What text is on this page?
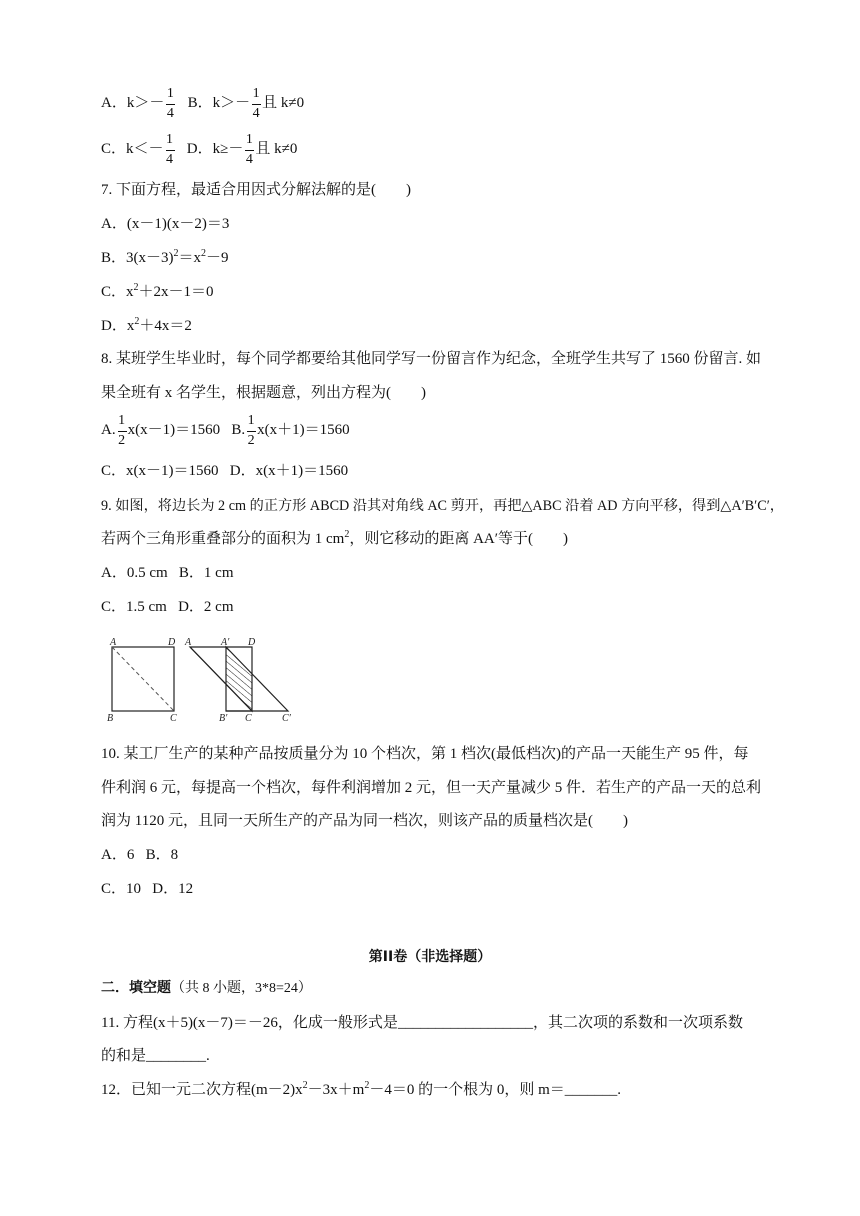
A．$k>- \frac{1}{4}$ B．$k>- \frac{1}{4}$ 且 k≠0
C．$k<- \frac{1}{4}$ D．$k\ge- \frac{1}{4}$ 且 k≠0
7. 下面方程，最适合用因式分解法解的是(　　)
A．(x－1)(x－2)＝3
B．$3(x-3)^2=x^2-9$
C．$x^2+2x-1=0$
D．$x^2+4x=2$
8. 某班学生毕业时，每个同学都要给其他同学写一份留言作为纪念，全班学生共写了 1560 份留言. 如
果全班有 x 名学生，根据题意，列出方程为(　　)
A. $\frac{1}{2} x(x-1)=1560$ B. $\frac{1}{2} x(x+1)=1560$
C．x(x－1)＝1560 D．x(x＋1)＝1560
9. 如图，将边长为 2 cm 的正方形 ABCD 沿其对角线 AC 剪开，再把△ABC 沿着 AD 方向平移，得到△A′B′C′，
若两个三角形重叠部分的面积为 1 $cm^2$，则它移动的距离 AA′等于(　　)
A．0.5 cm B．1 cm
C．1.5 cm D．2 cm
A	D
B	C
A	A′ D
B′ C	C′
10. 某工厂生产的某种产品按质量分为 10 个档次，第 1 档次(最低档次)的产品一天能生产 95 件，每
件利润 6 元，每提高一个档次，每件利润增加 2 元，但一天产量减少 5 件．若生产的产品一天的总利
润为 1120 元，且同一天所生产的产品为同一档次，则该产品的质量档次是(　　)
A．6 B．8
C．10 D．12
第II卷（非选择题）
二．填空题（共 8 小题，3*8=24）
11. 方程(x＋5)(x－7)＝－26，化成一般形式是__________________，其二次项的系数和一次项系数
的和是________.
12．已知一元二次方程$(m-2)x^2-3x+m^2-4=0$ 的一个根为 0，则 m＝_______.
